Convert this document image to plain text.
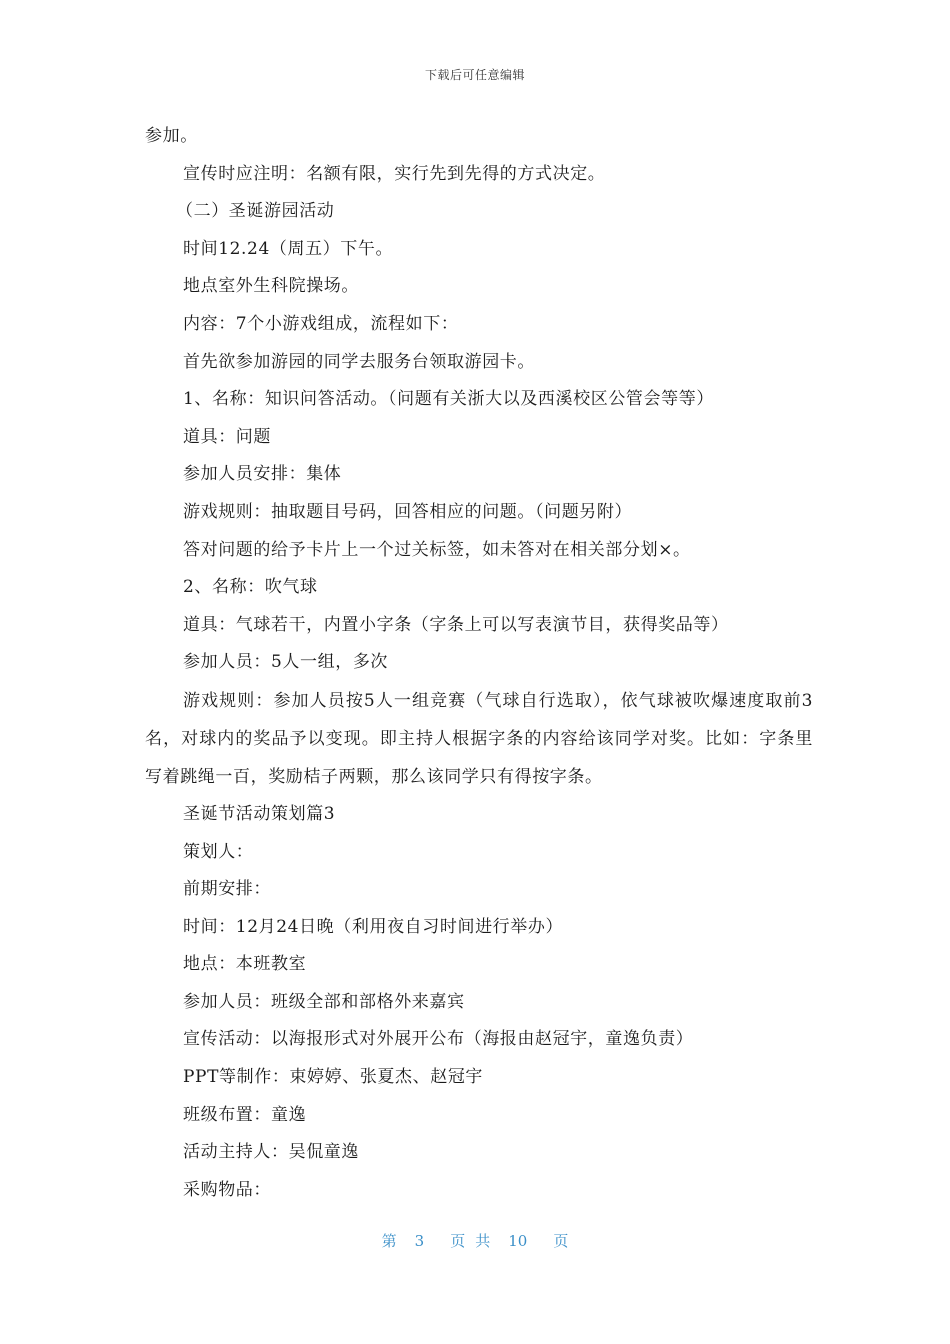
下载后可任意编辑

参加。

宣传时应注明：名额有限，实行先到先得的方式决定。

（二）圣诞游园活动

时间12.24（周五）下午。

地点室外生科院操场。

内容：7个小游戏组成，流程如下：

首先欲参加游园的同学去服务台领取游园卡。

1、名称：知识问答活动。（问题有关浙大以及西溪校区公管会等等）

道具：问题

参加人员安排：集体

游戏规则：抽取题目号码，回答相应的问题。（问题另附）

答对问题的给予卡片上一个过关标签，如未答对在相关部分划×。

2、名称：吹气球

道具：气球若干，内置小字条（字条上可以写表演节目，获得奖品等）

参加人员：5人一组，多次

游戏规则：参加人员按5人一组竞赛（气球自行选取），依气球被吹爆速度取前3名，对球内的奖品予以变现。即主持人根据字条的内容给该同学对奖。比如：字条里写着跳绳一百，奖励桔子两颗，那么该同学只有得按字条。

圣诞节活动策划篇3

策划人：

前期安排：

时间：12月24日晚（利用夜自习时间进行举办）

地点：本班教室

参加人员：班级全部和部格外来嘉宾

宣传活动：以海报形式对外展开公布（海报由赵冠宇，童逸负责）

PPT等制作：束婷婷、张夏杰、赵冠宇

班级布置：童逸

活动主持人：吴侃童逸

采购物品：

第 3 页 共 10 页
